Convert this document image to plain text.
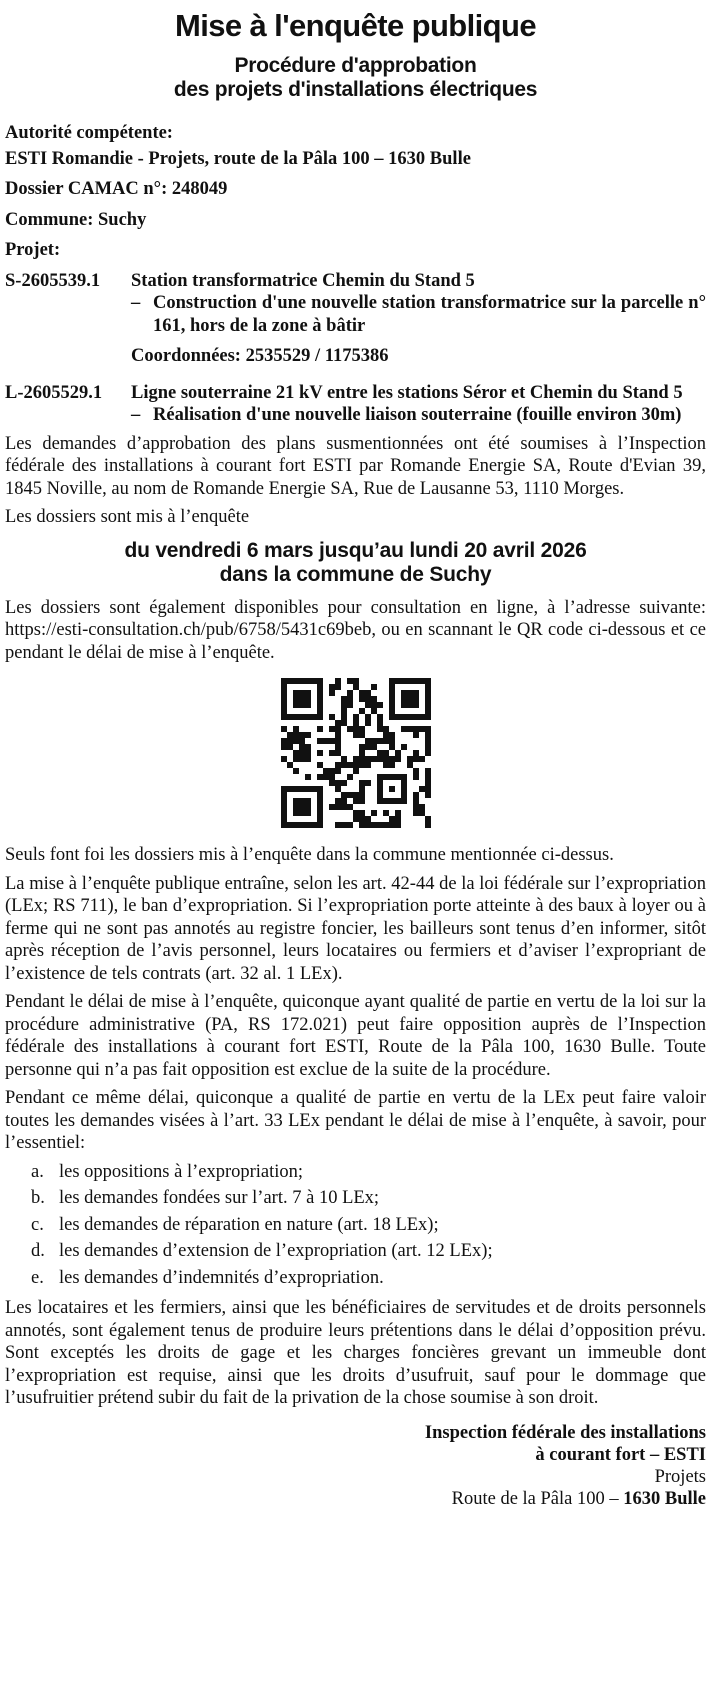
Mise à l'enquête publique
Procédure d'approbation
des projets d'installations électriques

Autorité compétente:

ESTI Romandie - Projets, route de la Pâla 100 – 1630 Bulle

Dossier CAMAC n°: 248049

Commune: Suchy

Projet:

S-2605539.1	Station transformatrice Chemin du Stand 5
– Construction d'une nouvelle station transformatrice sur la parcelle n° 161, hors de la zone à bâtir
Coordonnées: 2535529 / 1175386
L-2605529.1	Ligne souterraine 21 kV entre les stations Séror et Chemin du Stand 5
– Réalisation d'une nouvelle liaison souterraine (fouille environ 30m)

Les demandes d’approbation des plans susmentionnées ont été soumises à l’Inspection fédérale des installations à courant fort ESTI par Romande Energie SA, Route d'Evian 39, 1845 Noville, au nom de Romande Energie SA, Rue de Lausanne 53, 1110 Morges.

Les dossiers sont mis à l’enquête

du vendredi 6 mars jusqu’au lundi 20 avril 2026
dans la commune de Suchy

Les dossiers sont également disponibles pour consultation en ligne, à l’adresse suivante: https://esti-consultation.ch/pub/6758/5431c69beb, ou en scannant le QR code ci-dessous et ce pendant le délai de mise à l’enquête.

Seuls font foi les dossiers mis à l’enquête dans la commune mentionnée ci-dessus.

La mise à l’enquête publique entraîne, selon les art. 42-44 de la loi fédérale sur l’expropriation (LEx; RS 711), le ban d’expropriation. Si l’expropriation porte atteinte à des baux à loyer ou à ferme qui ne sont pas annotés au registre foncier, les bailleurs sont tenus d’en informer, sitôt après réception de l’avis personnel, leurs locataires ou fermiers et d’aviser l’expropriant de l’existence de tels contrats (art. 32 al. 1 LEx).

Pendant le délai de mise à l’enquête, quiconque ayant qualité de partie en vertu de la loi sur la procédure administrative (PA, RS 172.021) peut faire opposition auprès de l’Inspection fédérale des installations à courant fort ESTI, Route de la Pâla 100, 1630 Bulle. Toute personne qui n’a pas fait opposition est exclue de la suite de la procédure.

Pendant ce même délai, quiconque a qualité de partie en vertu de la LEx peut faire valoir toutes les demandes visées à l’art. 33 LEx pendant le délai de mise à l’enquête, à savoir, pour l’essentiel:

a. les oppositions à l’expropriation;
b. les demandes fondées sur l’art. 7 à 10 LEx;
c. les demandes de réparation en nature (art. 18 LEx);
d. les demandes d’extension de l’expropriation (art. 12 LEx);
e. les demandes d’indemnités d’expropriation.

Les locataires et les fermiers, ainsi que les bénéficiaires de servitudes et de droits personnels annotés, sont également tenus de produire leurs prétentions dans le délai d’opposition prévu. Sont exceptés les droits de gage et les charges foncières grevant un immeuble dont l’expropriation est requise, ainsi que les droits d’usufruit, sauf pour le dommage que l’usufruitier prétend subir du fait de la privation de la chose soumise à son droit.

Inspection fédérale des installations
à courant fort – ESTI
Projets
Route de la Pâla 100 – 1630 Bulle
